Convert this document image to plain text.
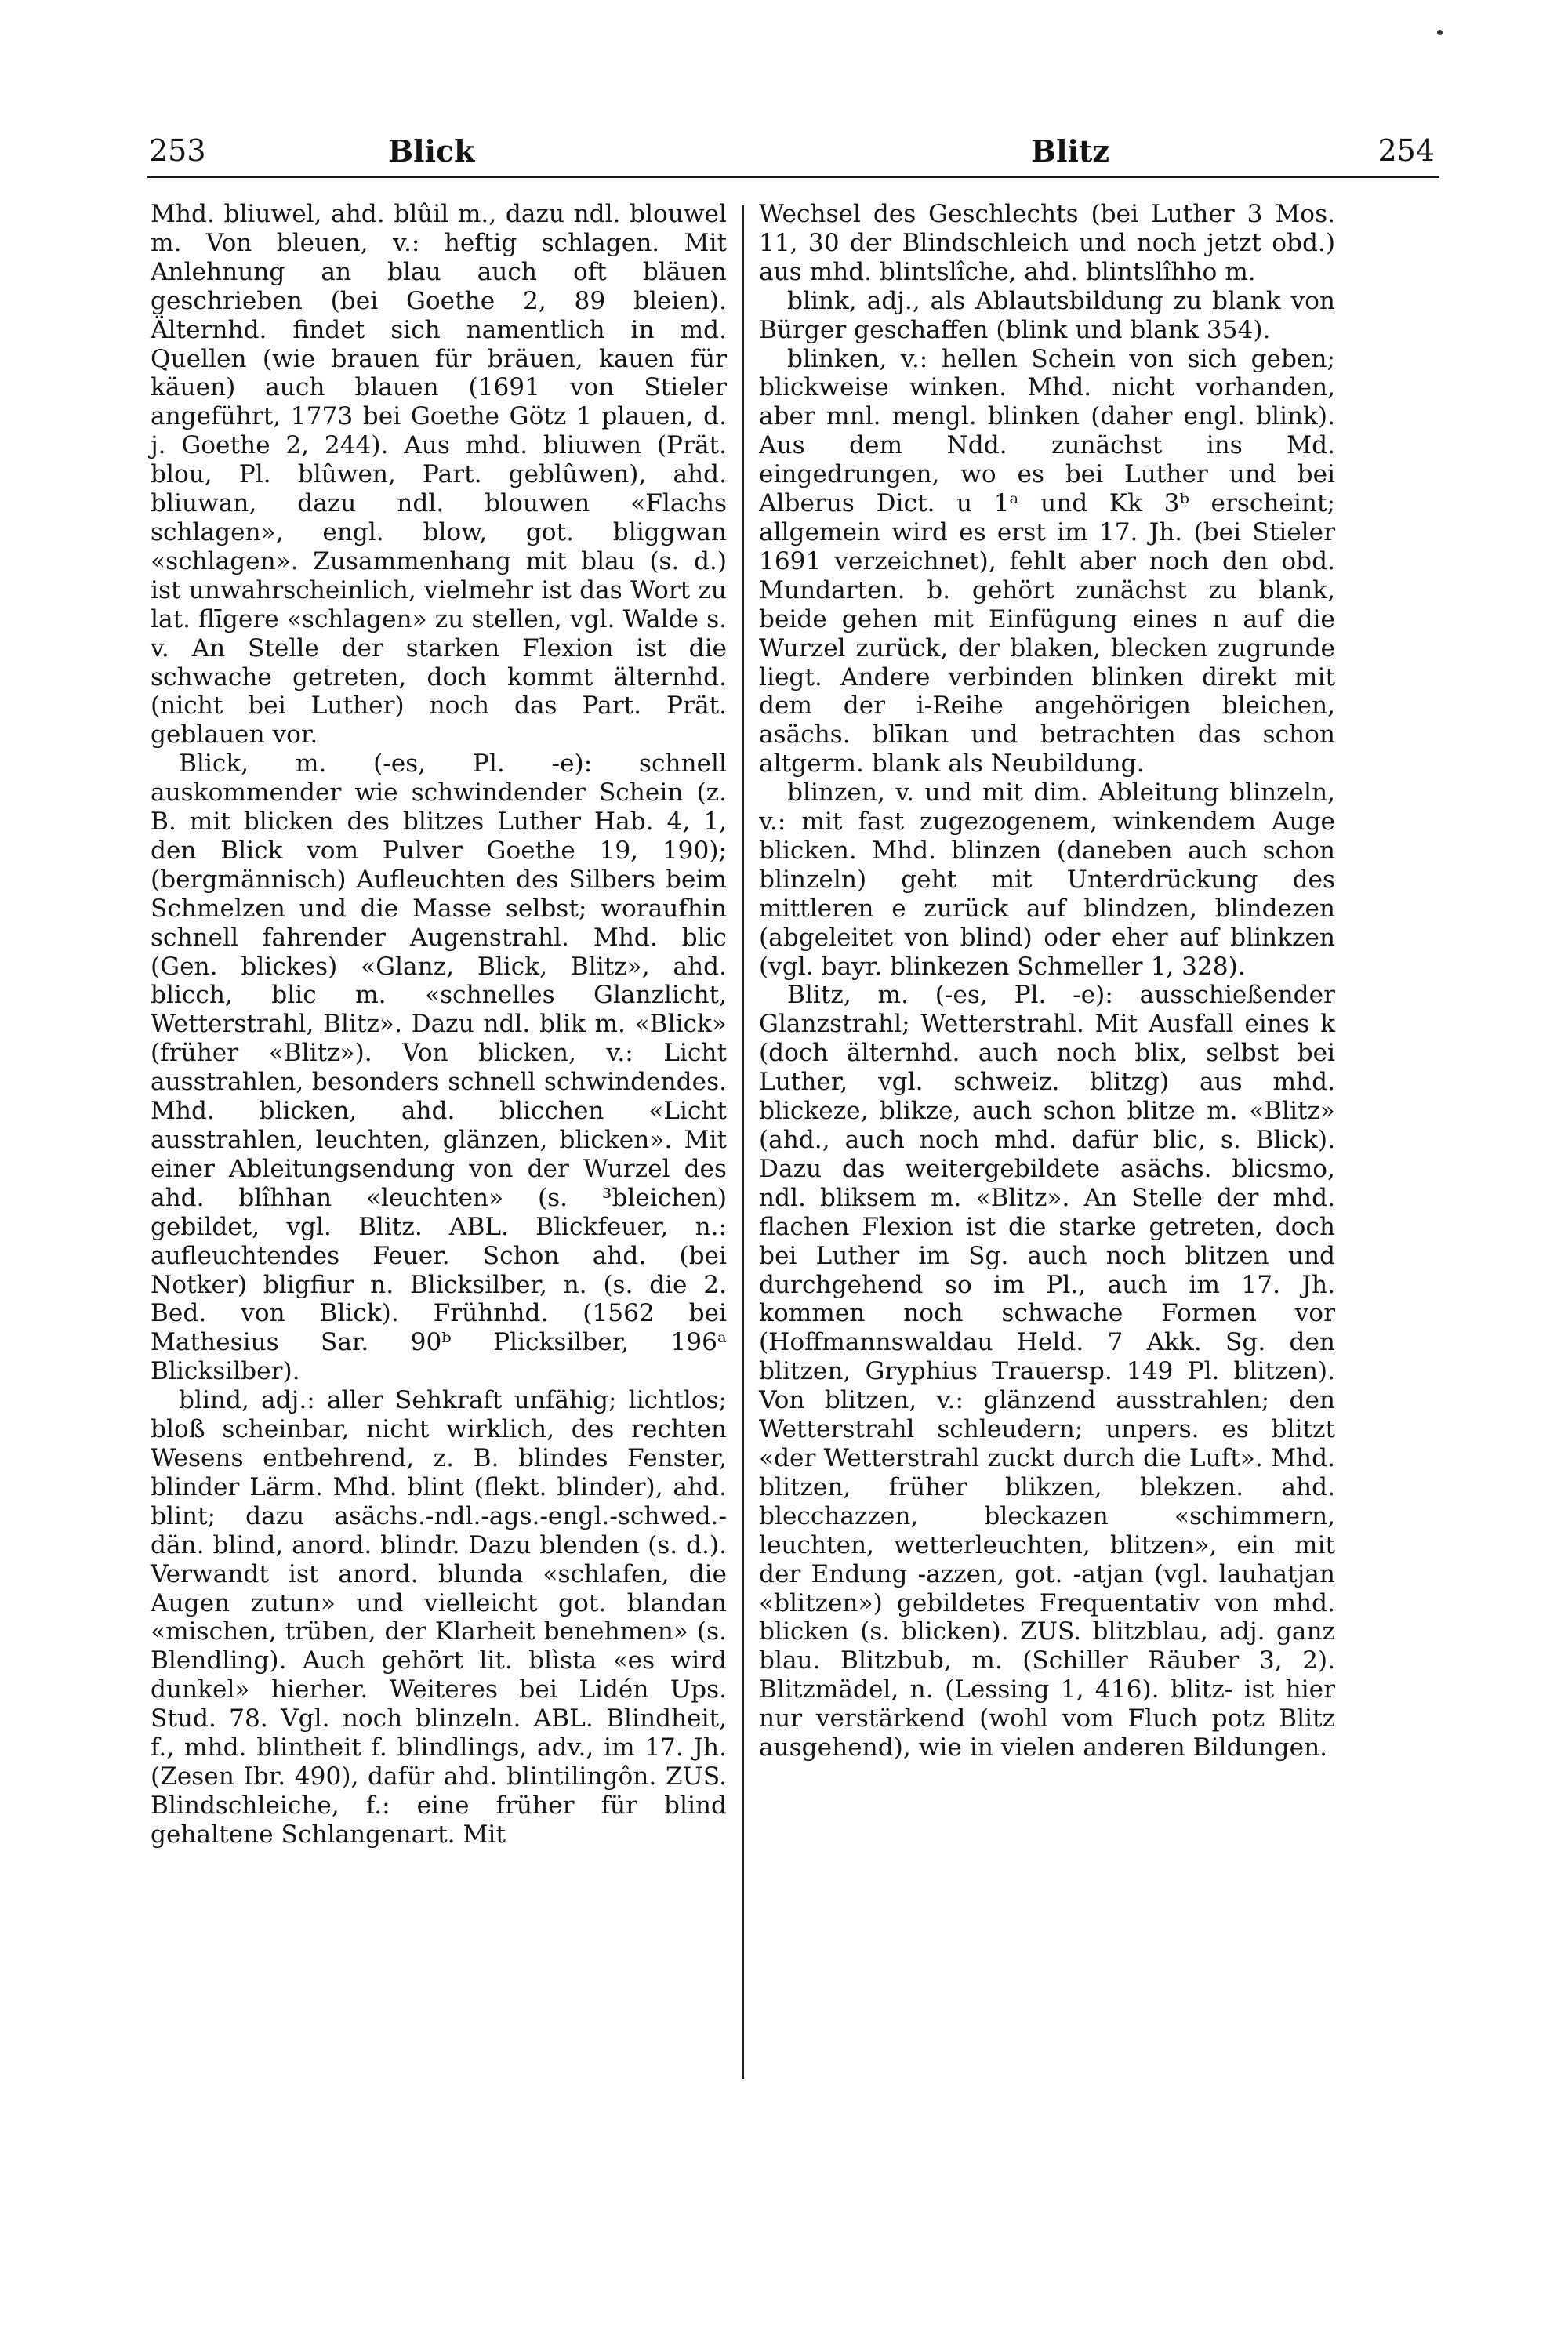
253	Blick	Blitz	254

Mhd. bliuwel, ahd. blûil m., dazu ndl. blouwel m. Von bleuen, v.: heftig schlagen. Mit Anlehnung an blau auch oft bläuen geschrieben (bei Goethe 2, 89 bleien). Älternhd. findet sich namentlich in md. Quellen (wie brauen für bräuen, kauen für käuen) auch blauen (1691 von Stieler angeführt, 1773 bei Goethe Götz 1 plauen, d. j. Goethe 2, 244). Aus mhd. bliuwen (Prät. blou, Pl. blûwen, Part. geblûwen), ahd. bliuwan, dazu ndl. blouwen «Flachs schlagen», engl. blow, got. bliggwan «schlagen». Zusammenhang mit blau (s. d.) ist unwahrscheinlich, vielmehr ist das Wort zu lat. flīgere «schlagen» zu stellen, vgl. Walde s. v. An Stelle der starken Flexion ist die schwache getreten, doch kommt älternhd. (nicht bei Luther) noch das Part. Prät. geblauen vor.

Blick, m. (-es, Pl. -e): schnell auskommender wie schwindender Schein (z. B. mit blicken des blitzes Luther Hab. 4, 1, den Blick vom Pulver Goethe 19, 190); (bergmännisch) Aufleuchten des Silbers beim Schmelzen und die Masse selbst; woraufhin schnell fahrender Augenstrahl. Mhd. blic (Gen. blickes) «Glanz, Blick, Blitz», ahd. blicch, blic m. «schnelles Glanzlicht, Wetterstrahl, Blitz». Dazu ndl. blik m. «Blick» (früher «Blitz»). Von blicken, v.: Licht ausstrahlen, besonders schnell schwindendes. Mhd. blicken, ahd. blicchen «Licht ausstrahlen, leuchten, glänzen, blicken». Mit einer Ableitungsendung von der Wurzel des ahd. blîhhan «leuchten» (s. ³bleichen) gebildet, vgl. Blitz. ABL. Blickfeuer, n.: aufleuchtendes Feuer. Schon ahd. (bei Notker) bligfiur n. Blicksilber, n. (s. die 2. Bed. von Blick). Frühnhd. (1562 bei Mathesius Sar. 90ᵇ Plicksilber, 196ᵃ Blicksilber).

blind, adj.: aller Sehkraft unfähig; lichtlos; bloß scheinbar, nicht wirklich, des rechten Wesens entbehrend, z. B. blindes Fenster, blinder Lärm. Mhd. blint (flekt. blinder), ahd. blint; dazu asächs.-ndl.-ags.-engl.-schwed.-dän. blind, anord. blindr. Dazu blenden (s. d.). Verwandt ist anord. blunda «schlafen, die Augen zutun» und vielleicht got. blandan «mischen, trüben, der Klarheit benehmen» (s. Blendling). Auch gehört lit. blìsta «es wird dunkel» hierher. Weiteres bei Lidén Ups. Stud. 78. Vgl. noch blinzeln. ABL. Blindheit, f., mhd. blintheit f. blindlings, adv., im 17. Jh. (Zesen Ibr. 490), dafür ahd. blintilingôn. ZUS. Blindschleiche, f.: eine früher für blind gehaltene Schlangenart. Mit

Wechsel des Geschlechts (bei Luther 3 Mos. 11, 30 der Blindschleich und noch jetzt obd.) aus mhd. blintslîche, ahd. blintslîhho m.

blink, adj., als Ablautsbildung zu blank von Bürger geschaffen (blink und blank 354).

blinken, v.: hellen Schein von sich geben; blickweise winken. Mhd. nicht vorhanden, aber mnl. mengl. blinken (daher engl. blink). Aus dem Ndd. zunächst ins Md. eingedrungen, wo es bei Luther und bei Alberus Dict. u 1ᵃ und Kk 3ᵇ erscheint; allgemein wird es erst im 17. Jh. (bei Stieler 1691 verzeichnet), fehlt aber noch den obd. Mundarten. b. gehört zunächst zu blank, beide gehen mit Einfügung eines n auf die Wurzel zurück, der blaken, blecken zugrunde liegt. Andere verbinden blinken direkt mit dem der i-Reihe angehörigen bleichen, asächs. blīkan und betrachten das schon altgerm. blank als Neubildung.

blinzen, v. und mit dim. Ableitung blinzeln, v.: mit fast zugezogenem, winkendem Auge blicken. Mhd. blinzen (daneben auch schon blinzeln) geht mit Unterdrückung des mittleren e zurück auf blindzen, blindezen (abgeleitet von blind) oder eher auf blinkzen (vgl. bayr. blinkezen Schmeller 1, 328).

Blitz, m. (-es, Pl. -e): ausschießender Glanzstrahl; Wetterstrahl. Mit Ausfall eines k (doch älternhd. auch noch blix, selbst bei Luther, vgl. schweiz. blitzg) aus mhd. blickeze, blikze, auch schon blitze m. «Blitz» (ahd., auch noch mhd. dafür blic, s. Blick). Dazu das weitergebildete asächs. blicsmo, ndl. bliksem m. «Blitz». An Stelle der mhd. flachen Flexion ist die starke getreten, doch bei Luther im Sg. auch noch blitzen und durchgehend so im Pl., auch im 17. Jh. kommen noch schwache Formen vor (Hoffmannswaldau Held. 7 Akk. Sg. den blitzen, Gryphius Trauersp. 149 Pl. blitzen). Von blitzen, v.: glänzend ausstrahlen; den Wetterstrahl schleudern; unpers. es blitzt «der Wetterstrahl zuckt durch die Luft». Mhd. blitzen, früher blikzen, blekzen. ahd. blecchazzen, bleckazen «schimmern, leuchten, wetterleuchten, blitzen», ein mit der Endung -azzen, got. -atjan (vgl. lauhatjan «blitzen») gebildetes Frequentativ von mhd. blicken (s. blicken). ZUS. blitzblau, adj. ganz blau. Blitzbub, m. (Schiller Räuber 3, 2). Blitzmädel, n. (Lessing 1, 416). blitz- ist hier nur verstärkend (wohl vom Fluch potz Blitz ausgehend), wie in vielen anderen Bildungen.
